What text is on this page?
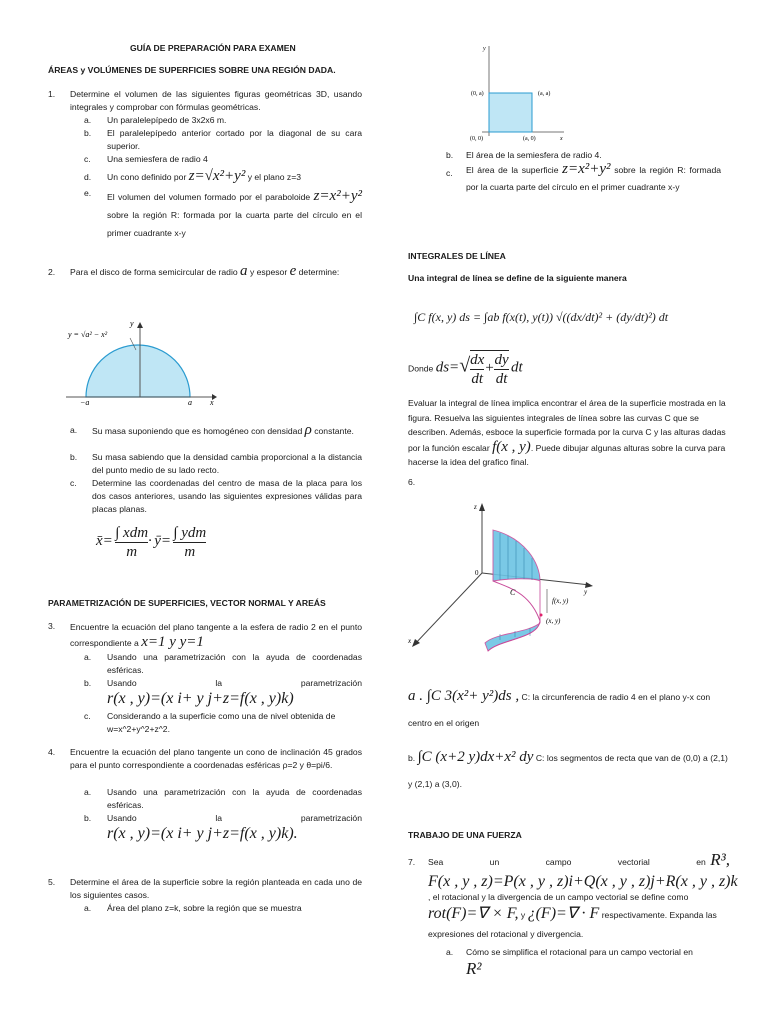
GUÍA DE PREPARACIÓN PARA EXAMEN
ÁREAS y VOLÚMENES DE SUPERFICIES SOBRE UNA REGIÓN DADA.
1. Determine el volumen de las siguientes figuras geométricas 3D, usando integrales y comprobar con fórmulas geométricas.
a. Un paralelepípedo de 3x2x6 m.
b. El paralelepípedo anterior cortado por la diagonal de su cara superior.
c. Una semiesfera de radio 4
d. Un cono definido por z=√x²+y² y el plano z=3
e. El volumen del volumen formado por el paraboloide z=x²+y² sobre la región R: formada por la cuarta parte del círculo en el primer cuadrante x-y
2. Para el disco de forma semicircular de radio a y espesor e determine:
y = √a² − x²
y
x
−a	a
a. Su masa suponiendo que es homogéneo con densidad ρ constante.
b. Su masa sabiendo que la densidad cambia proporcional a la distancia del punto medio de su lado recto.
c. Determine las coordenadas del centro de masa de la placa para los dos casos anteriores, usando las siguientes expresiones válidas para placas planas.
x̄= $\frac{\text{∫ xdm}}{m}$ · ȳ= $\frac{\text{∫ ydm}}{m}$
PARAMETRIZACIÓN DE SUPERFICIES, VECTOR NORMAL Y AREÁS
3. Encuentre la ecuación del plano tangente a la esfera de radio 2 en el punto correspondiente a x=1 y y=1
a. Usando una parametrización con la ayuda de coordenadas esféricas.
b. Usando la parametrización
r(x , y)=(x i+ y j+z=f(x , y)k)
c. Considerando a la superficie como una de nivel obtenida de w=x^2+y^2+z^2.
4. Encuentre la ecuación del plano tangente un cono de inclinación 45 grados para el punto correspondiente a coordenadas esféricas ρ=2 y θ=pi/6.
a. Usando una parametrización con la ayuda de coordenadas esféricas.
b. Usando la parametrización
r(x , y)=(x i+ y j+z=f(x , y)k).
5. Determine el área de la superficie sobre la región planteada en cada uno de los siguientes casos.
a. Área del plano z=k, sobre la región que se muestra
y
x
(0, a)	(a, a)
(0, 0)	(a, 0)
b. El área de la semiesfera de radio 4.
c. El área de la superficie z=x²+y² sobre la región R: formada por la cuarta parte del círculo en el primer cuadrante x-y
INTEGRALES DE LÍNEA
Una integral de línea se define de la siguiente manera
∫C f(x, y) ds = ∫ab f(x(t), y(t)) √((dx/dt)² + (dy/dt)²) dt
Donde $ds=√ \frac{dx}{dt} + \frac{dy}{dt}$ dt
Evaluar la integral de línea implica encontrar el área de la superficie mostrada en la figura. Resuelva las siguientes integrales de línea sobre las curvas C que se describen. Además, esboce la superficie formada por la curva C y las alturas dadas por la función escalar f(x , y). Puede dibujar algunas alturas sobre la curva para hacerse la idea del grafico final.
6.
z
y
x
0
C
f(x, y)
(x, y)
a . ∫C 3(x²+ y²)ds , C: la circunferencia de radio 4 en el plano y-x con centro en el origen
b. ∫C (x+2 y)dx+x² dy C: los segmentos de recta que van de (0,0) a (2,1) y (2,1) a (3,0).
TRABAJO DE UNA FUERZA
7.	Sea un campo vectorial en R³,
F(x , y , z)=P(x , y , z)i+Q(x , y , z)j+R(x , y , z)k
, el rotacional y la divergencia de un campo vectorial se define como
rot(F)=∇ × F, y ¿(F)=∇ · F respectivamente. Expanda las expresiones del rotacional y divergencia.
a.	Cómo se simplifica el rotacional para un campo vectorial en
R²
